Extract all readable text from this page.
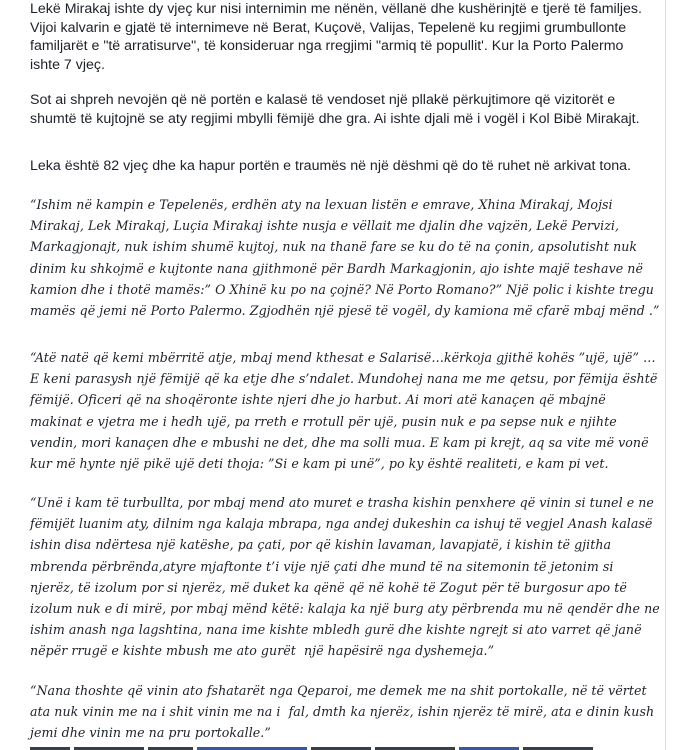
Lekë Mirakaj ishte dy vjeç kur nisi internimin me nënën, vëllanë dhe kushërinjtë e tjerë të familjes. Vijoi kalvarin e gjatë të internimeve në Berat, Kuçovë, Valijas, Tepelenë ku regjimi grumbullonte familjarët e "të arratisurve", të konsideruar nga rregjimi "armiq të popullit'. Kur la Porto Palermo ishte 7 vjeç.

Sot ai shpreh nevojën që në portën e kalasë të vendoset një pllakë përkujtimore që vizitorët e shumtë të kujtojnë se aty regjimi mbylli fëmijë dhe gra. Ai ishte djali më i vogël i Kol Bibë Mirakajt.

Leka është 82 vjeç dhe ka hapur portën e traumës në një dëshmi që do të ruhet në arkivat tona.

“Ishim në kampin e Tepelenës, erdhën aty na lexuan listën e emrave, Xhina Mirakaj, Mojsi Mirakaj, Lek Mirakaj, Luçia Mirakaj ishte nusja e vëllait me djalin dhe vajzën, Lekë Pervizi, Markagjonajt, nuk ishim shumë kujtoj, nuk na thanë fare se ku do të na çonin, apsolutisht nuk dinim ku shkojmë e kujtonte nana gjithmonë për Bardh Markagjonin, ajo ishte majë teshave në kamion dhe i thotë mamës:” O Xhinë ku po na çojnë? Në Porto Romano?” Një polic i kishte tregu mamës që jemi në Porto Palermo. Zgjodhën një pjesë të vogël, dy kamiona më cfarë mbaj mënd .”
“Atë natë që kemi mbërritë atje, mbaj mend kthesat e Salarisë…kërkoja gjithë kohës ”ujë, ujë” … E keni parasysh një fëmijë që ka etje dhe s’ndalet. Mundohej nana me me qetsu, por fëmija është fëmijë. Oficeri që na shoqëronte ishte njeri dhe jo harbut. Ai mori atë kanaçen që mbajnë makinat e vjetra me i hedh ujë, pa rreth e rrotull për ujë, pusin nuk e pa sepse nuk e njihte vendin, mori kanaçen dhe e mbushi ne det, dhe ma solli mua. E kam pi krejt, aq sa vite më vonë kur më hynte një pikë ujë deti thoja: ”Si e kam pi unë”, po ky është realiteti, e kam pi vet.
“Unë i kam të turbullta, por mbaj mend ato muret e trasha kishin penxhere që vinin si tunel e ne fëmijët luanim aty, dilnim nga kalaja mbrapa, nga andej dukeshin ca ishuj të vegjel Anash kalasë ishin disa ndërtesa një katëshe, pa çati, por që kishin lavaman, lavapjatë, i kishin të gjitha mbrenda përbrënda,atyre mjaftonte t’i vije një çati dhe mund të na sitemonin të jetonim si njerëz, të izolum por si njerëz, më duket ka qënë që në kohë të Zogut për të burgosur apo të izolum nuk e di mirë, por mbaj mënd këtë: kalaja ka një burg aty përbrenda mu në qendër dhe ne ishim anash nga lagshtina, nana ime kishte mbledh gurë dhe kishte ngrejt si ato varret që janë nëpër rrugë e kishte mbush me ato gurët  një hapësirë nga dyshemeja.”
“Nana thoshte që vinin ato fshatarët nga Qeparoi, me demek me na shit portokalle, në të vërtet ata nuk vinin me na i shit vinin me na i  fal, dmth ka njerëz, ishin njerëz të mirë, ata e dinin kush jemi dhe vinin me na pru portokalle.”
